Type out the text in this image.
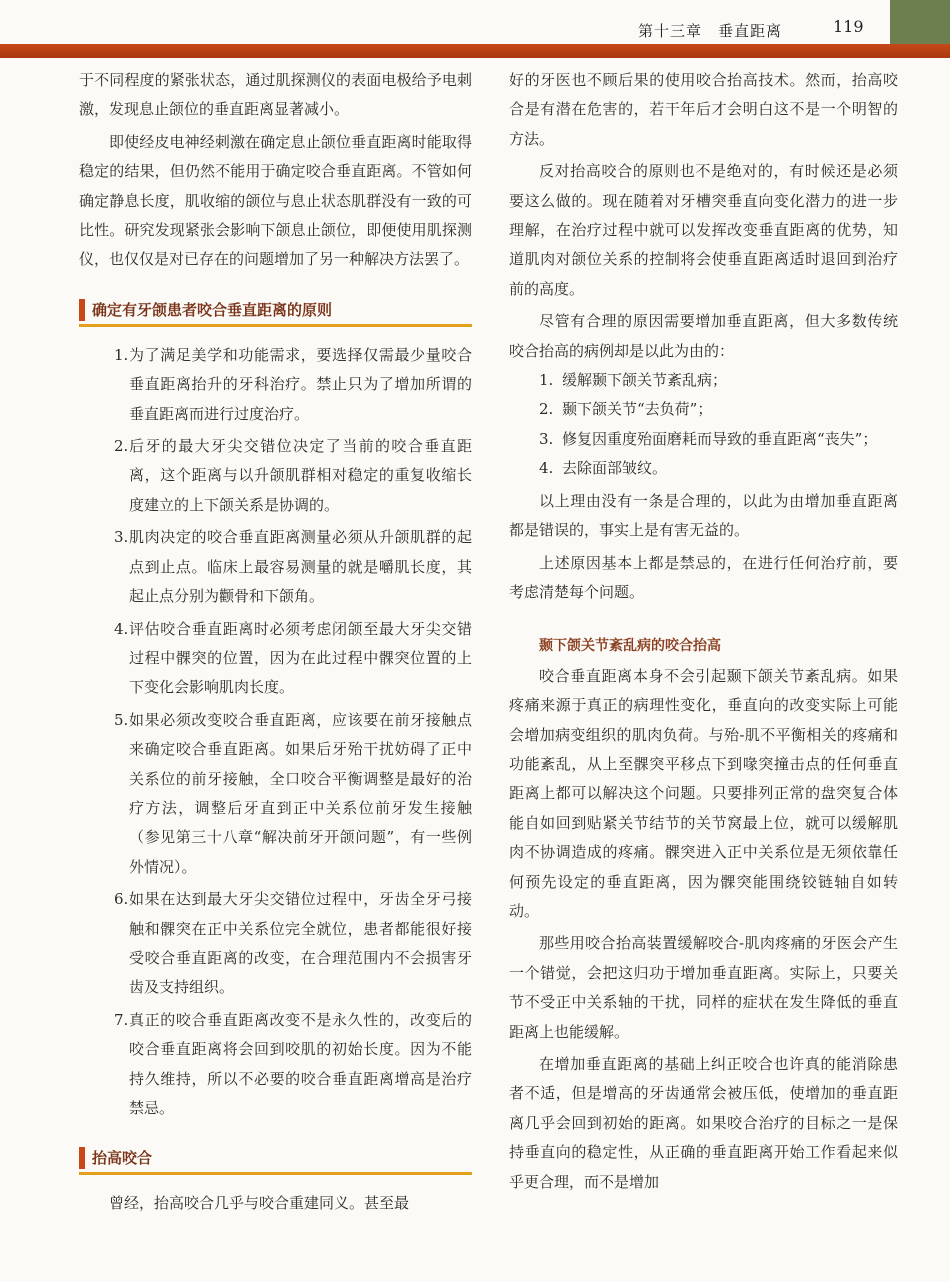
第十三章　垂直距离	119

于不同程度的紧张状态，通过肌探测仪的表面电极给予电刺激，发现息止颌位的垂直距离显著减小。

即使经皮电神经刺激在确定息止颌位垂直距离时能取得稳定的结果，但仍然不能用于确定咬合垂直距离。不管如何确定静息长度，肌收缩的颌位与息止状态肌群没有一致的可比性。研究发现紧张会影响下颌息止颌位，即便使用肌探测仪，也仅仅是对已存在的问题增加了另一种解决方法罢了。

确定有牙颌患者咬合垂直距离的原则
1. 为了满足美学和功能需求，要选择仅需最少量咬合垂直距离抬升的牙科治疗。禁止只为了增加所谓的垂直距离而进行过度治疗。
2. 后牙的最大牙尖交错位决定了当前的咬合垂直距离，这个距离与以升颌肌群相对稳定的重复收缩长度建立的上下颌关系是协调的。
3. 肌肉决定的咬合垂直距离测量必须从升颌肌群的起点到止点。临床上最容易测量的就是嚼肌长度，其起止点分别为颧骨和下颌角。
4. 评估咬合垂直距离时必须考虑闭颌至最大牙尖交错过程中髁突的位置，因为在此过程中髁突位置的上下变化会影响肌肉长度。
5. 如果必须改变咬合垂直距离，应该要在前牙接触点来确定咬合垂直距离。如果后牙殆干扰妨碍了正中关系位的前牙接触，全口咬合平衡调整是最好的治疗方法，调整后牙直到正中关系位前牙发生接触（参见第三十八章“解决前牙开颌问题”，有一些例外情况）。
6. 如果在达到最大牙尖交错位过程中，牙齿全牙弓接触和髁突在正中关系位完全就位，患者都能很好接受咬合垂直距离的改变，在合理范围内不会损害牙齿及支持组织。
7. 真正的咬合垂直距离改变不是永久性的，改变后的咬合垂直距离将会回到咬肌的初始长度。因为不能持久维持，所以不必要的咬合垂直距离增高是治疗禁忌。
抬高咬合

曾经，抬高咬合几乎与咬合重建同义。甚至最

好的牙医也不顾后果的使用咬合抬高技术。然而，抬高咬合是有潜在危害的，若干年后才会明白这不是一个明智的方法。

反对抬高咬合的原则也不是绝对的，有时候还是必须要这么做的。现在随着对牙槽突垂直向变化潜力的进一步理解，在治疗过程中就可以发挥改变垂直距离的优势，知道肌肉对颌位关系的控制将会使垂直距离适时退回到治疗前的高度。

尽管有合理的原因需要增加垂直距离，但大多数传统咬合抬高的病例却是以此为由的：

1. 缓解颞下颌关节紊乱病；
2. 颞下颌关节“去负荷”；
3. 修复因重度殆面磨耗而导致的垂直距离“丧失”；
4. 去除面部皱纹。

以上理由没有一条是合理的，以此为由增加垂直距离都是错误的，事实上是有害无益的。

上述原因基本上都是禁忌的，在进行任何治疗前，要考虑清楚每个问题。

颞下颌关节紊乱病的咬合抬高

咬合垂直距离本身不会引起颞下颌关节紊乱病。如果疼痛来源于真正的病理性变化，垂直向的改变实际上可能会增加病变组织的肌肉负荷。与殆-肌不平衡相关的疼痛和功能紊乱，从上至髁突平移点下到喙突撞击点的任何垂直距离上都可以解决这个问题。只要排列正常的盘突复合体能自如回到贴紧关节结节的关节窝最上位，就可以缓解肌肉不协调造成的疼痛。髁突进入正中关系位是无须依靠任何预先设定的垂直距离，因为髁突能围绕铰链轴自如转动。

那些用咬合抬高装置缓解咬合-肌肉疼痛的牙医会产生一个错觉，会把这归功于增加垂直距离。实际上，只要关节不受正中关系轴的干扰，同样的症状在发生降低的垂直距离上也能缓解。

在增加垂直距离的基础上纠正咬合也许真的能消除患者不适，但是增高的牙齿通常会被压低，使增加的垂直距离几乎会回到初始的距离。如果咬合治疗的目标之一是保持垂直向的稳定性，从正确的垂直距离开始工作看起来似乎更合理，而不是增加
